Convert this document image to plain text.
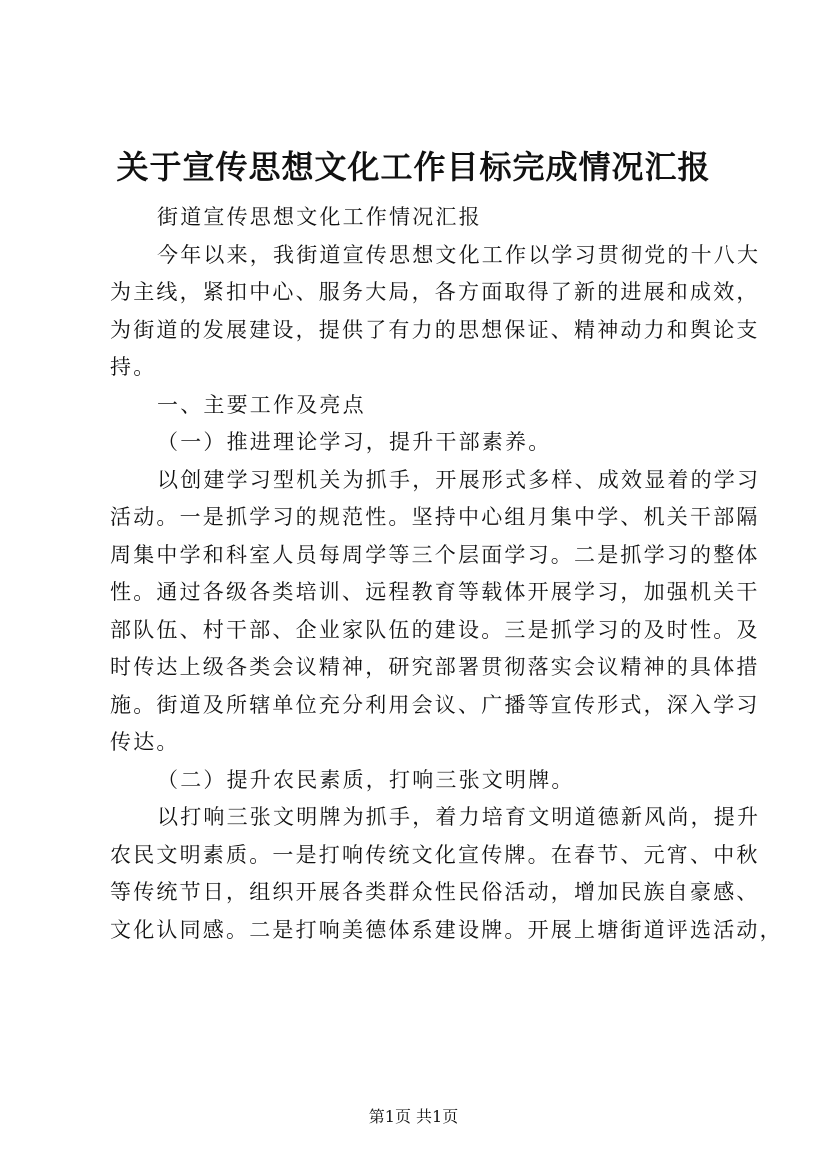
关于宣传思想文化工作目标完成情况汇报
街道宣传思想文化工作情况汇报
今年以来，我街道宣传思想文化工作以学习贯彻党的十八大
为主线，紧扣中心、服务大局，各方面取得了新的进展和成效，
为街道的发展建设，提供了有力的思想保证、精神动力和舆论支
持。
一、主要工作及亮点
（一）推进理论学习，提升干部素养。
以创建学习型机关为抓手，开展形式多样、成效显着的学习
活动。一是抓学习的规范性。坚持中心组月集中学、机关干部隔
周集中学和科室人员每周学等三个层面学习。二是抓学习的整体
性。通过各级各类培训、远程教育等载体开展学习，加强机关干
部队伍、村干部、企业家队伍的建设。三是抓学习的及时性。及
时传达上级各类会议精神，研究部署贯彻落实会议精神的具体措
施。街道及所辖单位充分利用会议、广播等宣传形式，深入学习
传达。
（二）提升农民素质，打响三张文明牌。
以打响三张文明牌为抓手，着力培育文明道德新风尚，提升
农民文明素质。一是打响传统文化宣传牌。在春节、元宵、中秋
等传统节日，组织开展各类群众性民俗活动，增加民族自豪感、
文化认同感。二是打响美德体系建设牌。开展上塘街道评选活动，
第1页 共1页
